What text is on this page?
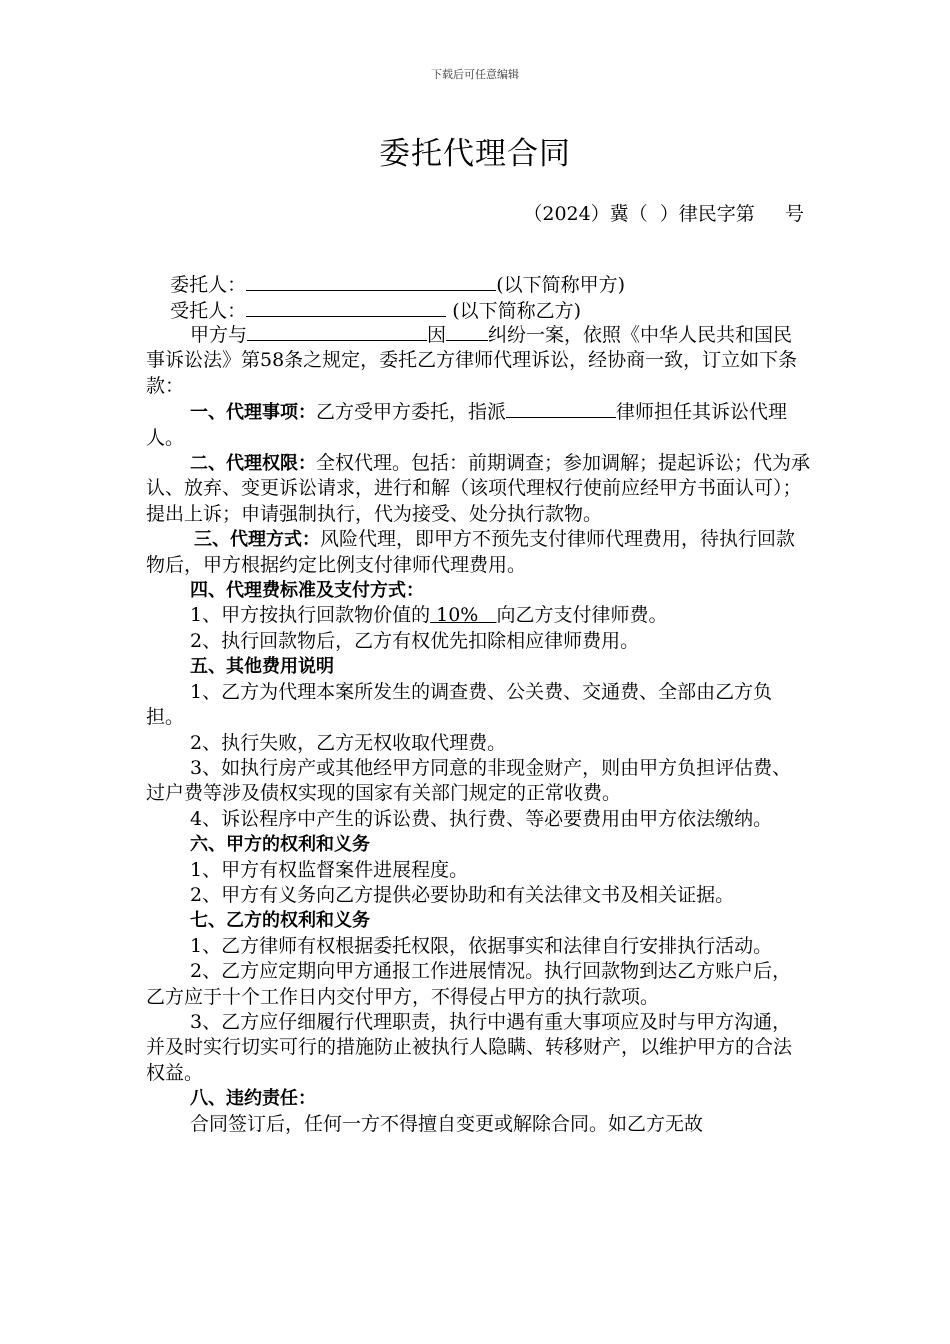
下载后可任意编辑
委托代理合同
（2024）冀（  ）律民字第     号

委托人：	(以下简称甲方)

受托人：	(以下简称乙方)

甲方与	因 纠纷一案，依照《中华人民共和国民事诉讼法》第58条之规定，委托乙方律师代理诉讼，经协商一致，订立如下条款：

一、代理事项：乙方受甲方委托，指派	律师担任其诉讼代理人。

二、代理权限：全权代理。包括：前期调查；参加调解；提起诉讼；代为承认、放弃、变更诉讼请求，进行和解（该项代理权行使前应经甲方书面认可）；提出上诉；申请强制执行，代为接受、处分执行款物。

三、代理方式：风险代理，即甲方不预先支付律师代理费用，待执行回款物后，甲方根据约定比例支付律师代理费用。

四、代理费标准及支付方式：

1、甲方按执行回款物价值的 10%   向乙方支付律师费。

2、执行回款物后，乙方有权优先扣除相应律师费用。

五、其他费用说明

1、乙方为代理本案所发生的调查费、公关费、交通费、全部由乙方负担。

2、执行失败，乙方无权收取代理费。

3、如执行房产或其他经甲方同意的非现金财产，则由甲方负担评估费、过户费等涉及债权实现的国家有关部门规定的正常收费。

4、诉讼程序中产生的诉讼费、执行费、等必要费用由甲方依法缴纳。

六、甲方的权利和义务

1、甲方有权监督案件进展程度。

2、甲方有义务向乙方提供必要协助和有关法律文书及相关证据。

七、乙方的权利和义务

1、乙方律师有权根据委托权限，依据事实和法律自行安排执行活动。

2、乙方应定期向甲方通报工作进展情况。执行回款物到达乙方账户后，乙方应于十个工作日内交付甲方，不得侵占甲方的执行款项。

3、乙方应仔细履行代理职责，执行中遇有重大事项应及时与甲方沟通，并及时实行切实可行的措施防止被执行人隐瞒、转移财产，以维护甲方的合法权益。

八、违约责任：

合同签订后，任何一方不得擅自变更或解除合同。如乙方无故
